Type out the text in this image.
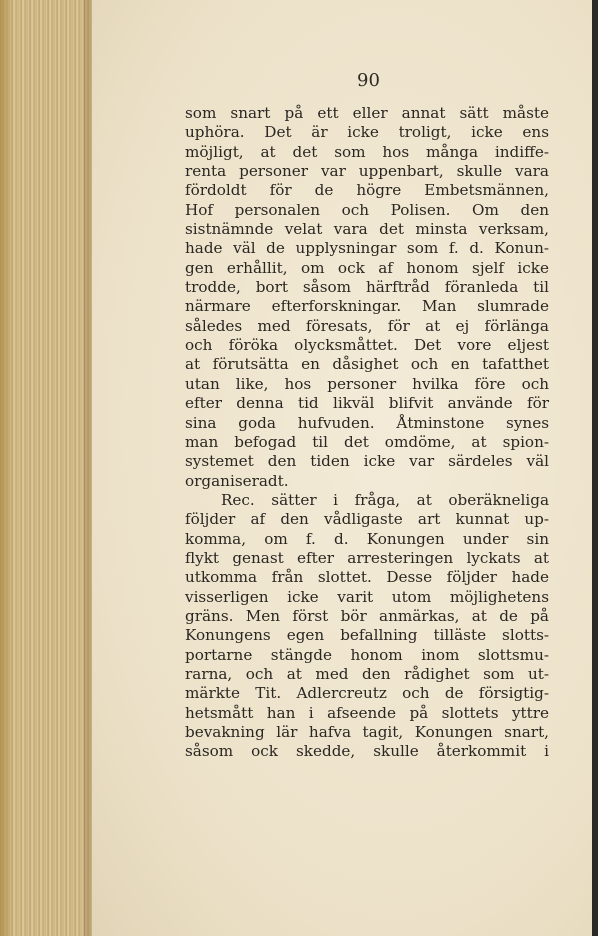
90

som snart på ett eller annat sätt måste
uphöra. Det är icke troligt, icke ens
möjligt, at det som hos många indiffe-
renta personer var uppenbart, skulle vara
fördoldt för de högre Embetsmännen,
Hof personalen och Polisen. Om den
sistnämnde velat vara det minsta verksam,
hade väl de upplysningar som f. d. Konun-
gen erhållit, om ock af honom sjelf icke
trodde, bort såsom härftråd föranleda til
närmare efterforskningar. Man slumrade
således med föresats, för at ej förlänga
och föröka olycksmåttet. Det vore eljest
at förutsätta en dåsighet och en tafatthet
utan like, hos personer hvilka före och
efter denna tid likväl blifvit använde för
sina goda hufvuden. Åtminstone synes
man befogad til det omdöme, at spion-
systemet den tiden icke var särdeles väl
organiseradt.
Rec. sätter i fråga, at oberäkneliga
följder af den vådligaste art kunnat up-
komma, om f. d. Konungen under sin
flykt genast efter arresteringen lyckats at
utkomma från slottet. Desse följder hade
visserligen icke varit utom möjlighetens
gräns. Men först bör anmärkas, at de på
Konungens egen befallning tilläste slotts-
portarne stängde honom inom slottsmu-
rarna, och at med den rådighet som ut-
märkte Tit. Adlercreutz och de försigtig-
hetsmått han i afseende på slottets yttre
bevakning lär hafva tagit, Konungen snart,
såsom ock skedde, skulle återkommit i
